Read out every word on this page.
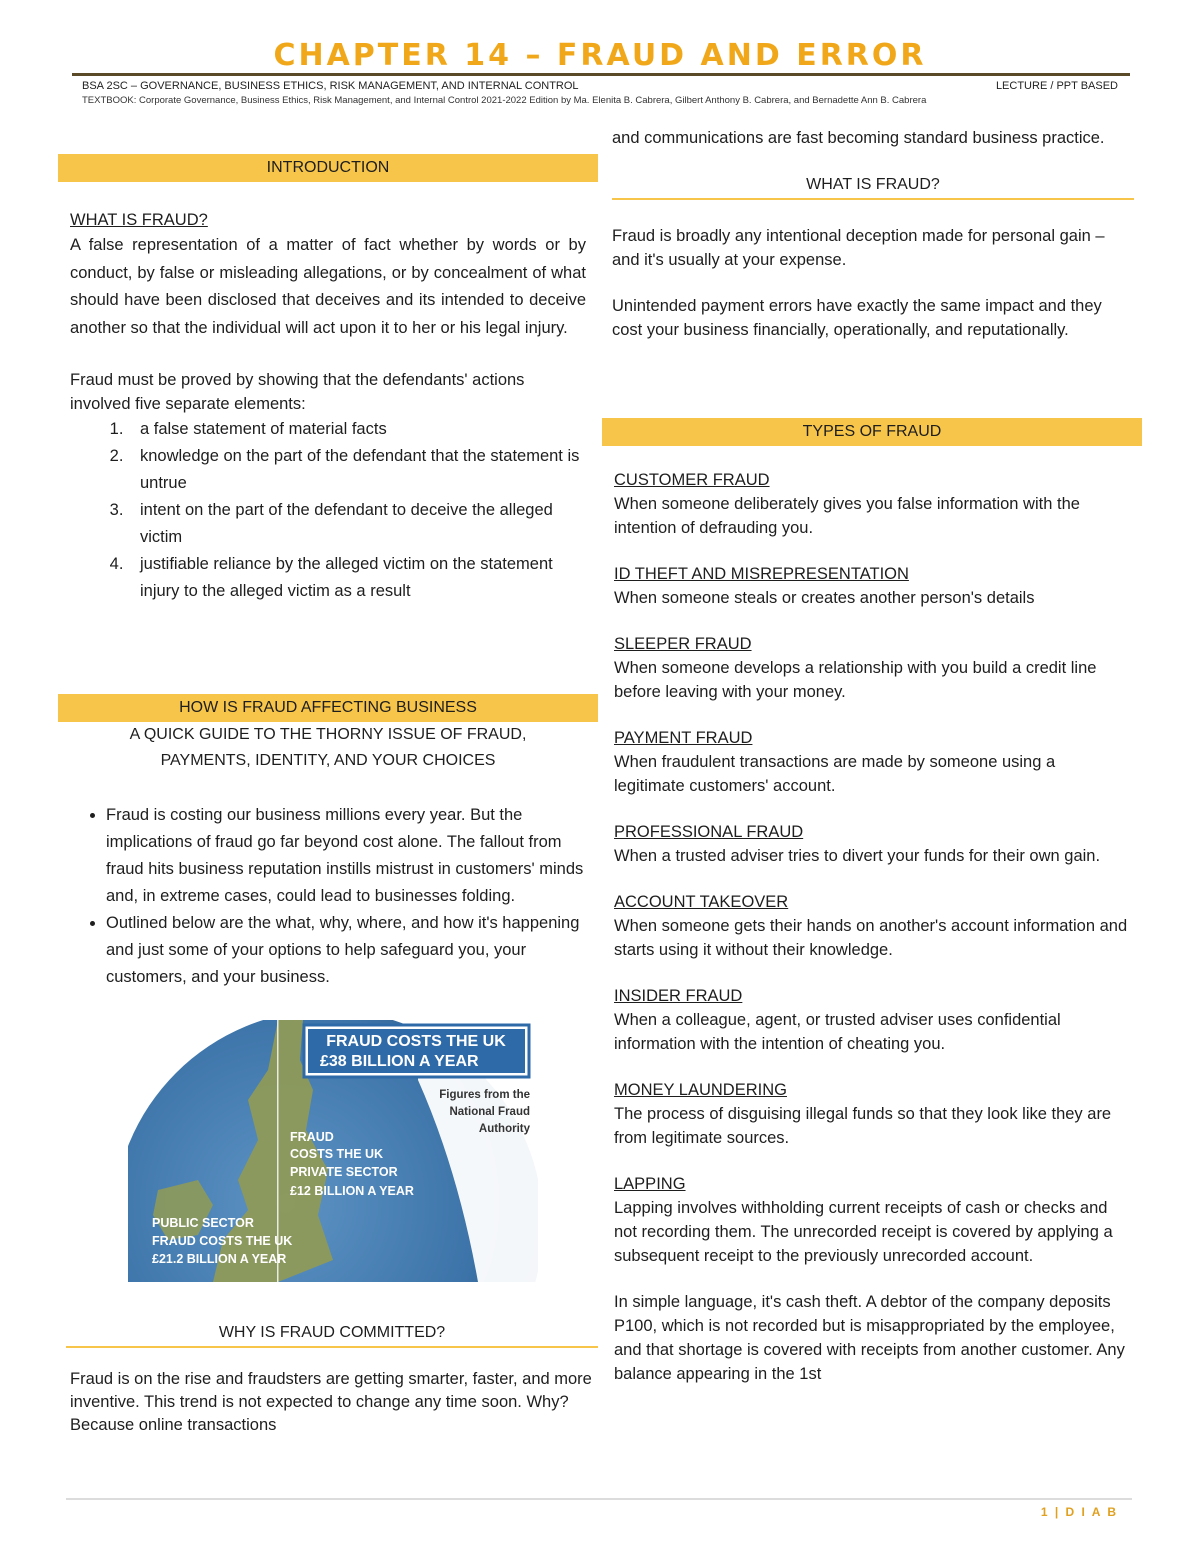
CHAPTER 14 – FRAUD AND ERROR
BSA 2SC – GOVERNANCE, BUSINESS ETHICS, RISK MANAGEMENT, AND INTERNAL CONTROL	LECTURE / PPT BASED
TEXTBOOK: Corporate Governance, Business Ethics, Risk Management, and Internal Control 2021-2022 Edition by Ma. Elenita B. Cabrera, Gilbert Anthony B. Cabrera, and Bernadette Ann B. Cabrera
INTRODUCTION
WHAT IS FRAUD?

A false representation of a matter of fact whether by words or by conduct, by false or misleading allegations, or by concealment of what should have been disclosed that deceives and its intended to deceive another so that the individual will act upon it to her or his legal injury.

Fraud must be proved by showing that the defendants' actions involved five separate elements:

1. a false statement of material facts
2. knowledge on the part of the defendant that the statement is untrue
3. intent on the part of the defendant to deceive the alleged victim
4. justifiable reliance by the alleged victim on the statement
injury to the alleged victim as a result
HOW IS FRAUD AFFECTING BUSINESS
A QUICK GUIDE TO THE THORNY ISSUE OF FRAUD, PAYMENTS, IDENTITY, AND YOUR CHOICES
• Fraud is costing our business millions every year. But the implications of fraud go far beyond cost alone. The fallout from fraud hits business reputation instills mistrust in customers' minds and, in extreme cases, could lead to businesses folding.
• Outlined below are the what, why, where, and how it's happening and just some of your options to help safeguard you, your customers, and your business.
FRAUD COSTS THE UK
£38 BILLION A YEAR
Figures from the
National Fraud
Authority
FRAUD
COSTS THE UK
PRIVATE SECTOR
£12 BILLION A YEAR
PUBLIC SECTOR
FRAUD COSTS THE UK
£21.2 BILLION A YEAR
WHY IS FRAUD COMMITTED?

Fraud is on the rise and fraudsters are getting smarter, faster, and more inventive. This trend is not expected to change any time soon. Why? Because online transactions

and communications are fast becoming standard business practice.

WHAT IS FRAUD?

Fraud is broadly any intentional deception made for personal gain – and it's usually at your expense.

Unintended payment errors have exactly the same impact and they cost your business financially, operationally, and reputationally.

TYPES OF FRAUD
CUSTOMER FRAUD

When someone deliberately gives you false information with the intention of defrauding you.

ID THEFT AND MISREPRESENTATION

When someone steals or creates another person's details

SLEEPER FRAUD

When someone develops a relationship with you build a credit line before leaving with your money.

PAYMENT FRAUD

When fraudulent transactions are made by someone using a legitimate customers' account.

PROFESSIONAL FRAUD

When a trusted adviser tries to divert your funds for their own gain.

ACCOUNT TAKEOVER

When someone gets their hands on another's account information and starts using it without their knowledge.

INSIDER FRAUD

When a colleague, agent, or trusted adviser uses confidential information with the intention of cheating you.

MONEY LAUNDERING

The process of disguising illegal funds so that they look like they are from legitimate sources.

LAPPING

Lapping involves withholding current receipts of cash or checks and not recording them. The unrecorded receipt is covered by applying a subsequent receipt to the previously unrecorded account.

In simple language, it's cash theft. A debtor of the company deposits P100, which is not recorded but is misappropriated by the employee, and that shortage is covered with receipts from another customer. Any balance appearing in the 1st

1 | D I A B
